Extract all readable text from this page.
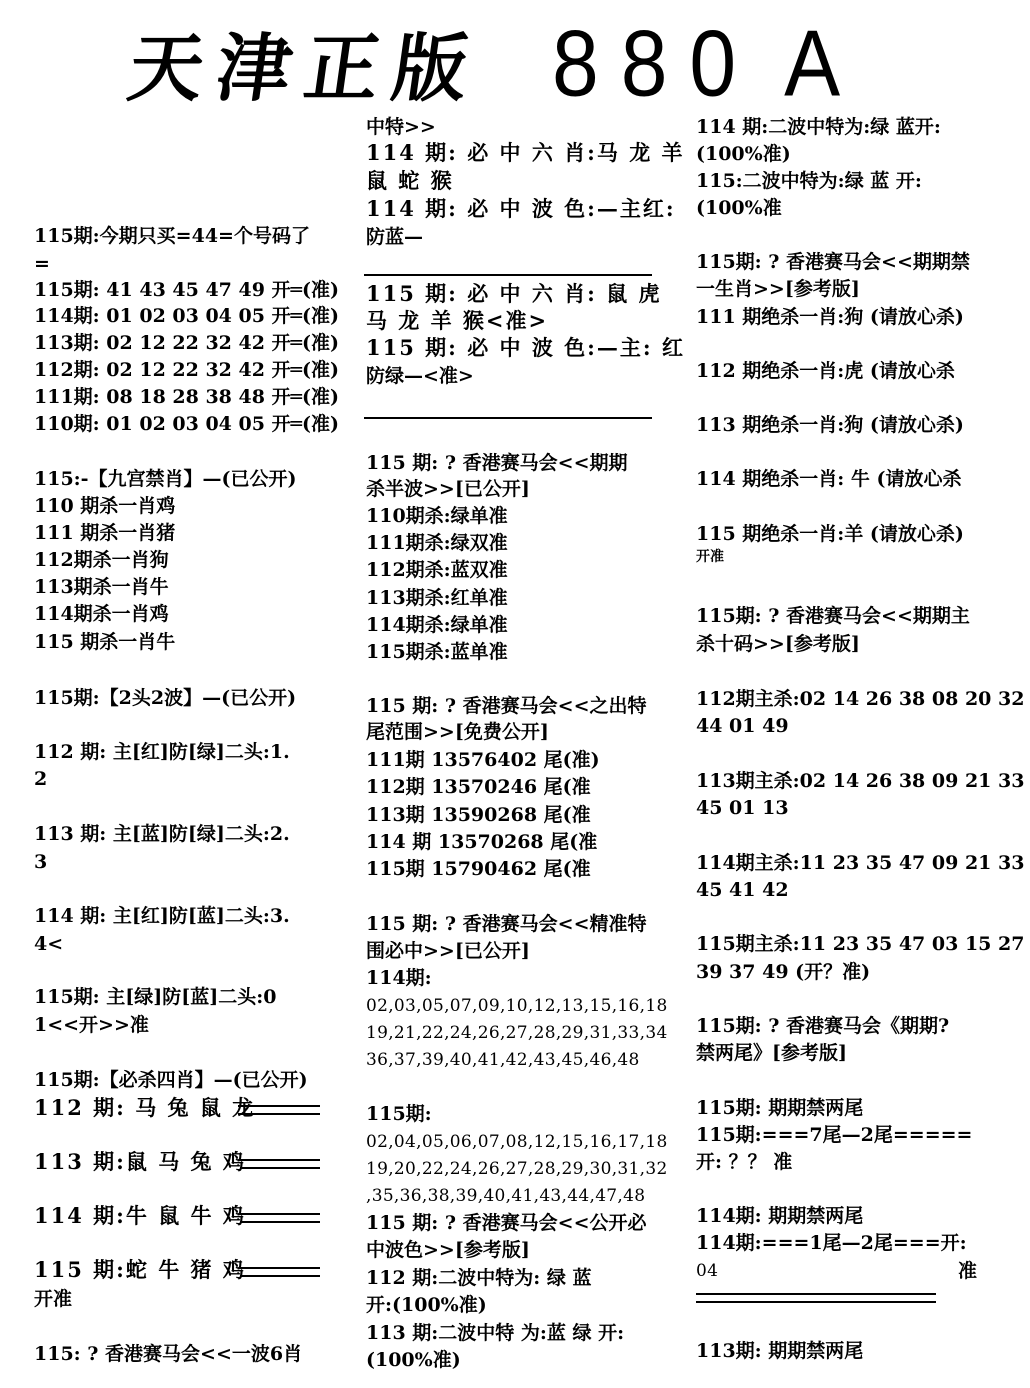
天津正版 880 A
115期:今期只买=44=个号码了
=
115期: 41 43 45 47 49 开═(准)
114期: 01 02 03 04 05 开═(准)
113期: 02 12 22 32 42 开═(准)
112期: 02 12 22 32 42 开═(准)
111期: 08 18 28 38 48 开═(准)
110期: 01 02 03 04 05 开═(准)
115:-【九宫禁肖】—(已公开)
110 期杀一肖鸡
111 期杀一肖猪
112期杀一肖狗
113期杀一肖牛
114期杀一肖鸡
115 期杀一肖牛
115期:【2头2波】—(已公开)
112 期: 主[红]防[绿]二头:1.
2
113 期: 主[蓝]防[绿]二头:2.
3
114 期: 主[红]防[蓝]二头:3.
4<
115期: 主[绿]防[蓝]二头:0
1<<开>>准
115期:【必杀四肖】—(已公开)
112 期: 马 兔 鼠 龙
113 期:鼠 马 兔 鸡
114 期:牛 鼠 牛 鸡
115 期:蛇 牛 猪 鸡
开准
115: ? 香港赛马会<<一波6肖
中特>>
114 期: 必 中 六 肖:马 龙 羊
鼠 蛇 猴
114 期: 必 中 波 色:—主红:
防蓝—
115 期: 必 中 六 肖: 鼠 虎
马 龙 羊 猴<准>
115 期: 必 中 波 色:—主: 红
防绿—<准>
115 期: ? 香港赛马会<<期期
杀半波>>[已公开]
110期杀:绿单准
111期杀:绿双准
112期杀:蓝双准
113期杀:红单准
114期杀:绿单准
115期杀:蓝单准
115 期: ? 香港赛马会<<之出特
尾范围>>[免费公开]
111期 13576402 尾(准)
112期 13570246 尾(准
113期 13590268 尾(准
114 期 13570268 尾(准
115期 15790462 尾(准
115 期: ? 香港赛马会<<精准特
围必中>>[已公开]
114期:
02,03,05,07,09,10,12,13,15,16,18
19,21,22,24,26,27,28,29,31,33,34
36,37,39,40,41,42,43,45,46,48
115期:
02,04,05,06,07,08,12,15,16,17,18
19,20,22,24,26,27,28,29,30,31,32
,35,36,38,39,40,41,43,44,47,48
115 期: ? 香港赛马会<<公开必
中波色>>[参考版]
112 期:二波中特为: 绿 蓝
开:(100%准)
113 期:二波中特 为:蓝 绿 开:
(100%准)
114 期:二波中特为:绿 蓝开:
(100%准)
115:二波中特为:绿 蓝 开:
(100%准
115期: ? 香港赛马会<<期期禁
一生肖>>[参考版]
111 期绝杀一肖:狗 (请放心杀)
112 期绝杀一肖:虎 (请放心杀
113 期绝杀一肖:狗 (请放心杀)
114 期绝杀一肖: 牛 (请放心杀
115 期绝杀一肖:羊 (请放心杀)
开准
115期: ? 香港赛马会<<期期主
杀十码>>[参考版]
112期主杀:02 14 26 38 08 20 32
44 01 49
113期主杀:02 14 26 38 09 21 33
45 01 13
114期主杀:11 23 35 47 09 21 33
45 41 42
115期主杀:11 23 35 47 03 15 27
39 37 49 (开？准)
115期: ? 香港赛马会《期期?
禁两尾》[参考版]
115期: 期期禁两尾
115期:===7尾—2尾=====
开: ？？ 准
114期: 期期禁两尾
114期:===1尾—2尾===开:
04	准
113期: 期期禁两尾
